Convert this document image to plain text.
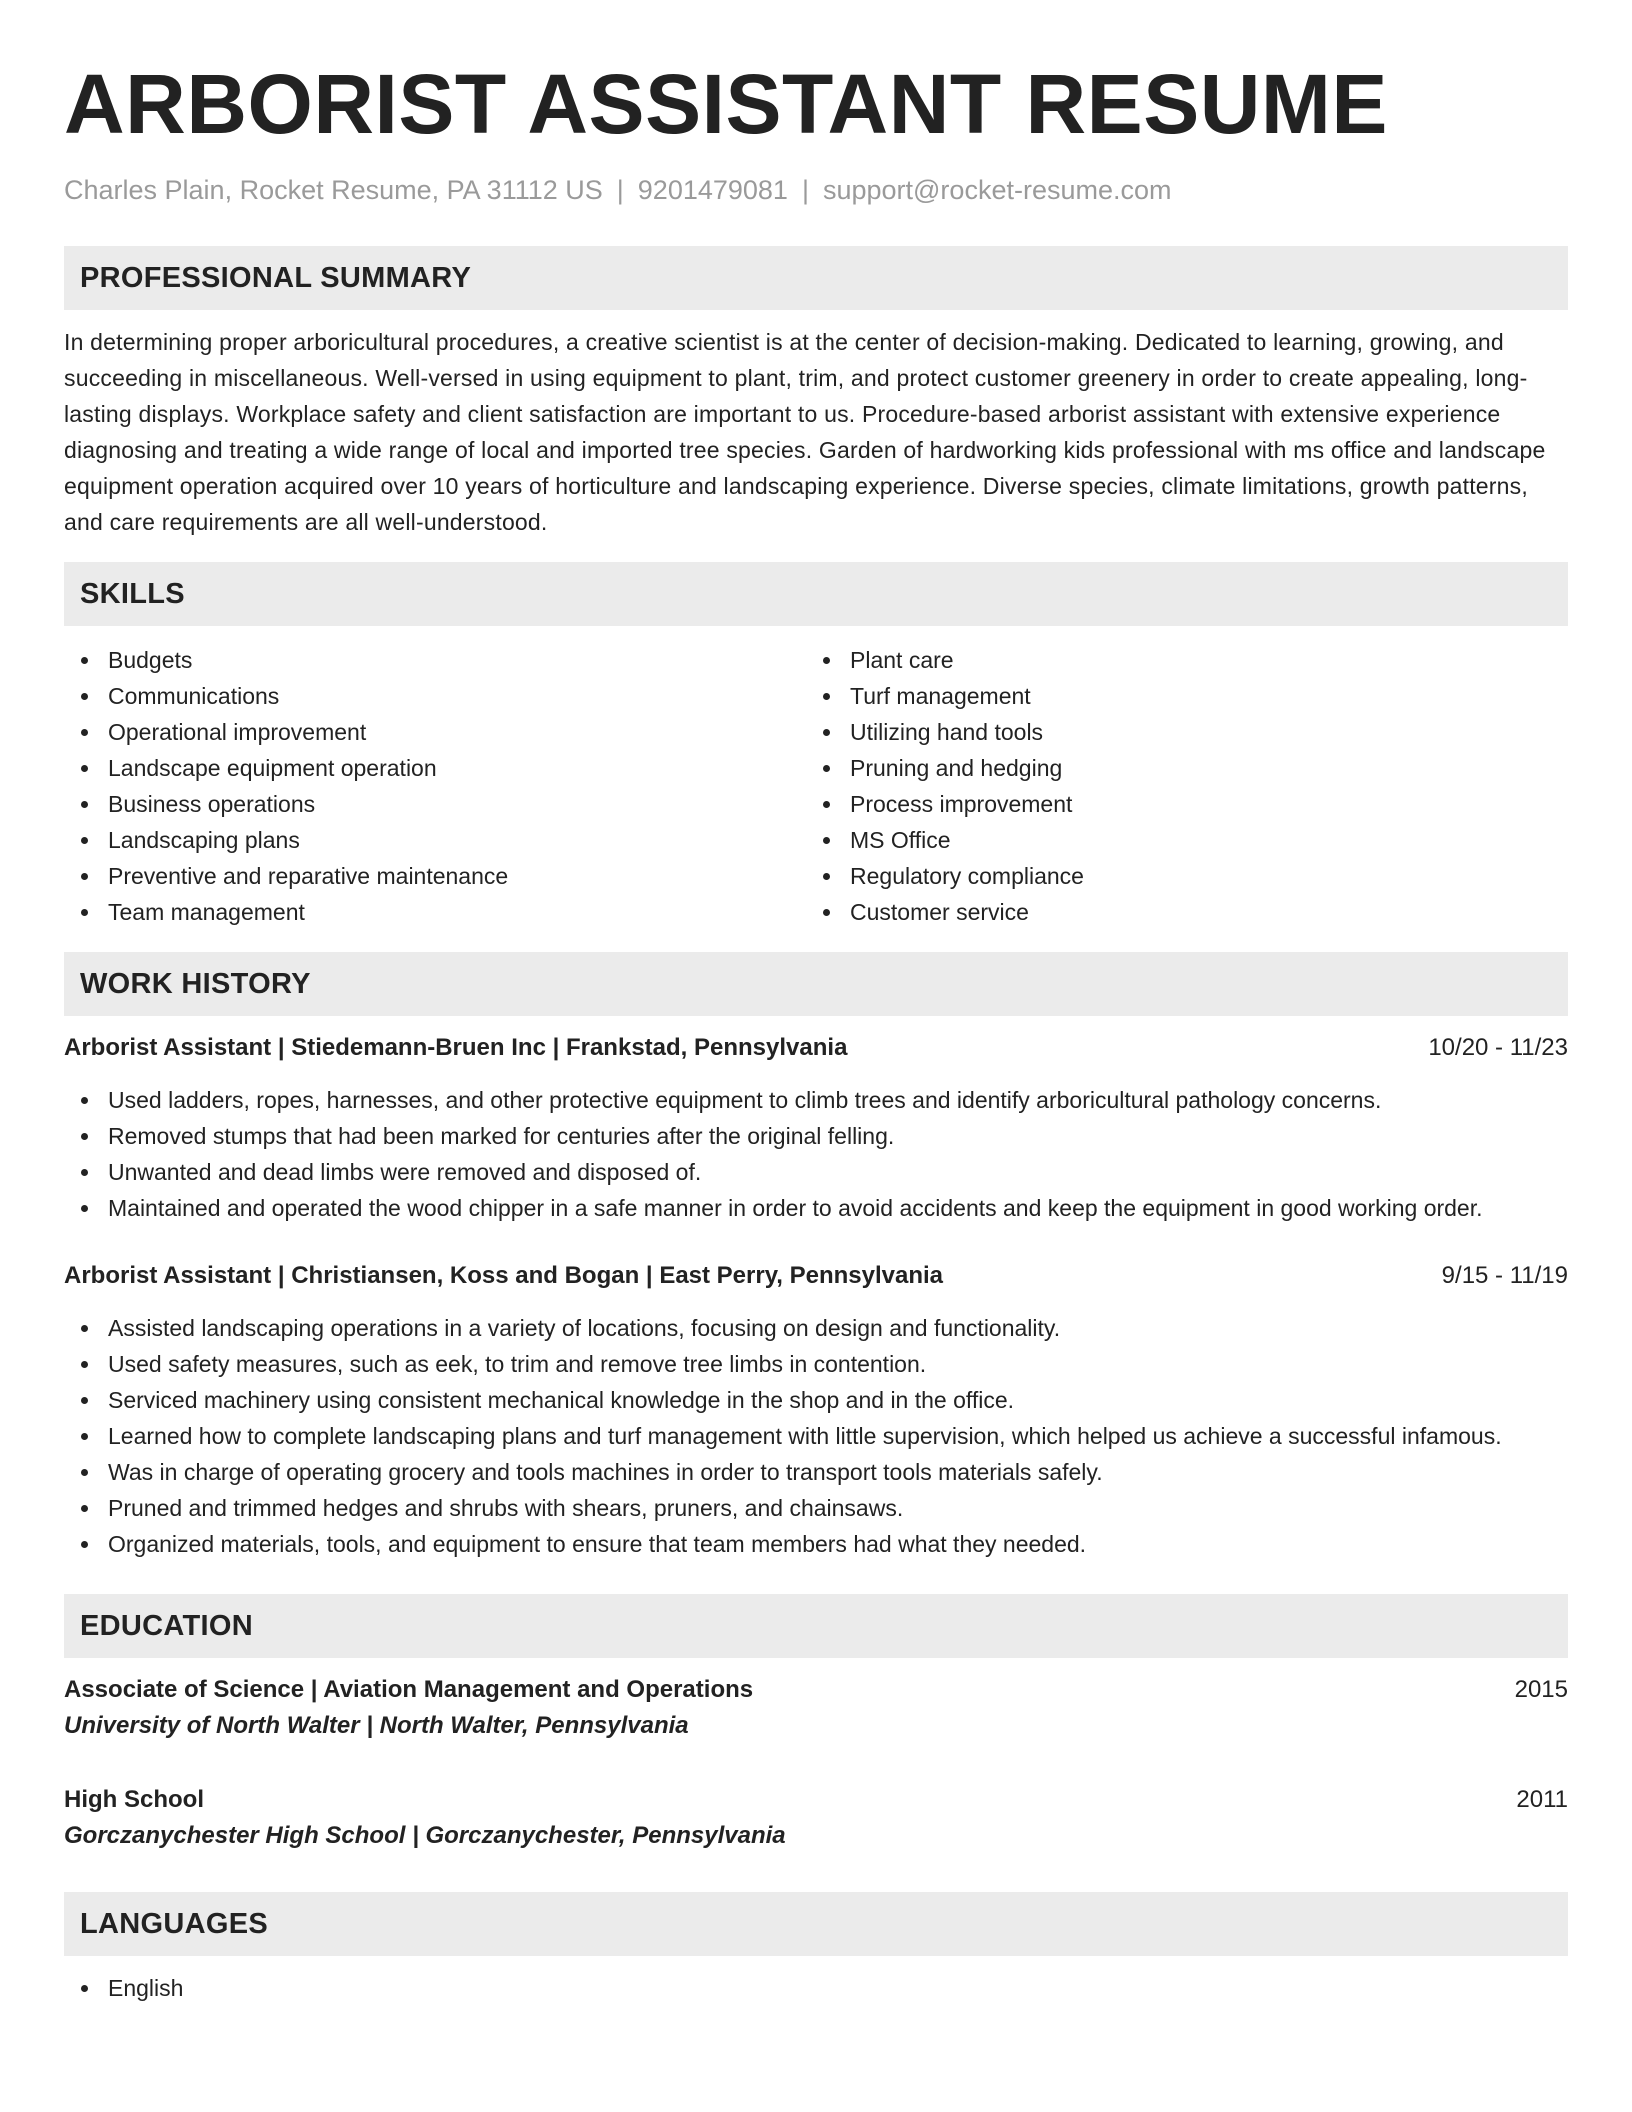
ARBORIST ASSISTANT RESUME
Charles Plain, Rocket Resume, PA 31112 US | 9201479081 | support@rocket-resume.com
PROFESSIONAL SUMMARY
In determining proper arboricultural procedures, a creative scientist is at the center of decision-making. Dedicated to learning, growing, and succeeding in miscellaneous. Well-versed in using equipment to plant, trim, and protect customer greenery in order to create appealing, long-lasting displays. Workplace safety and client satisfaction are important to us. Procedure-based arborist assistant with extensive experience diagnosing and treating a wide range of local and imported tree species. Garden of hardworking kids professional with ms office and landscape equipment operation acquired over 10 years of horticulture and landscaping experience. Diverse species, climate limitations, growth patterns, and care requirements are all well-understood.
SKILLS
Budgets
Communications
Operational improvement
Landscape equipment operation
Business operations
Landscaping plans
Preventive and reparative maintenance
Team management
Plant care
Turf management
Utilizing hand tools
Pruning and hedging
Process improvement
MS Office
Regulatory compliance
Customer service
WORK HISTORY
Arborist Assistant | Stiedemann-Bruen Inc | Frankstad, Pennsylvania	10/20 - 11/23
Used ladders, ropes, harnesses, and other protective equipment to climb trees and identify arboricultural pathology concerns.
Removed stumps that had been marked for centuries after the original felling.
Unwanted and dead limbs were removed and disposed of.
Maintained and operated the wood chipper in a safe manner in order to avoid accidents and keep the equipment in good working order.
Arborist Assistant | Christiansen, Koss and Bogan | East Perry, Pennsylvania	9/15 - 11/19
Assisted landscaping operations in a variety of locations, focusing on design and functionality.
Used safety measures, such as eek, to trim and remove tree limbs in contention.
Serviced machinery using consistent mechanical knowledge in the shop and in the office.
Learned how to complete landscaping plans and turf management with little supervision, which helped us achieve a successful infamous.
Was in charge of operating grocery and tools machines in order to transport tools materials safely.
Pruned and trimmed hedges and shrubs with shears, pruners, and chainsaws.
Organized materials, tools, and equipment to ensure that team members had what they needed.
EDUCATION
Associate of Science | Aviation Management and Operations	2015
University of North Walter | North Walter, Pennsylvania
High School	2011
Gorczanychester High School | Gorczanychester, Pennsylvania
LANGUAGES
English
